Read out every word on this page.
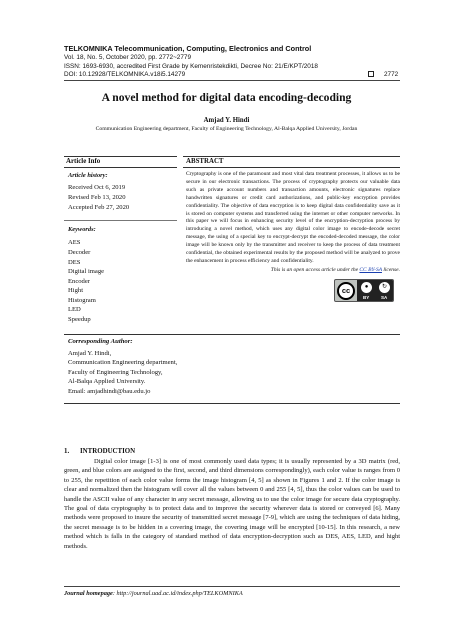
TELKOMNIKA Telecommunication, Computing, Electronics and Control
Vol. 18, No. 5, October 2020, pp. 2772~2779
ISSN: 1693-6930, accredited First Grade by Kemenristekdikti, Decree No: 21/E/KPT/2018
DOI: 10.12928/TELKOMNIKA.v18i5.14279	2772
A novel method for digital data encoding-decoding
Amjad Y. Hindi
Communication Engineering department, Faculty of Engineering Technology, Al-Balqa Applied University, Jordan
Article Info	ABSTRACT
Article history:
Received Oct 6, 2019
Revised Feb 13, 2020
Accepted Feb 27, 2020
Keywords:
AES
Decoder
DES
Digital image
Encoder
Hight
Histogram
LED
Speedup
Cryptography is one of the paramount and most vital data treatment processes, it allows us to be secure in our electronic transactions. The process of cryptography protects our valuable data such as private account numbers and transaction amounts, electronic signatures replace handwritten signatures or credit card authorizations, and public-key encryption provides confidentiality. The objective of data encryption is to keep digital data confidentiality save as it is stored on computer systems and transferred using the internet or other computer networks. In this paper we will focus in enhancing security level of the encryption-decryption process by introducing a novel method, which uses any digital color image to encode-decode secret message, the using of a special key to encrypt-decrypt the encoded-decoded message, the color image will be known only by the transmitter and receiver to keep the process of data treatment confidential, the obtained experimental results by the proposed method will be analyzed to prove the enhancement in process efficiency and confidentiality.
This is an open access article under the CC BY-SA license.
cc	●	↻
BY	SA
Corresponding Author:
Amjad Y. Hindi,
Communication Engineering department,
Faculty of Engineering Technology,
Al-Balqa Applied University.
Email: amjadhindi@bau.edu.jo
1. INTRODUCTION
Digital color image [1-3] is one of most commonly used data types; it is usually represented by a 3D matrix (red, green, and blue colors are assigned to the first, second, and third dimensions correspondingly), each color value is ranges from 0 to 255, the repetition of each color value forms the image histogram [4, 5] as shown in Figures 1 and 2. If the color image is clear and normalized then the histogram will cover all the values between 0 and 255 [4, 5], thus the color values can be used to handle the ASCII value of any character in any secret message, allowing us to use the color image for secure data cryptography. The goal of data cryptography is to protect data and to improve the security wherever data is stored or conveyed [6]. Many methods were proposed to insure the security of transmitted secret message [7-9], which are using the techniques of data hiding, the secret message is to be hidden in a covering image, the covering image will be encrypted [10-15]. In this research, a new method which is falls in the category of standard method of data encryption-decryption such as DES, AES, LED, and hight methods.
Journal homepage: http://journal.uad.ac.id/index.php/TELKOMNIKA
